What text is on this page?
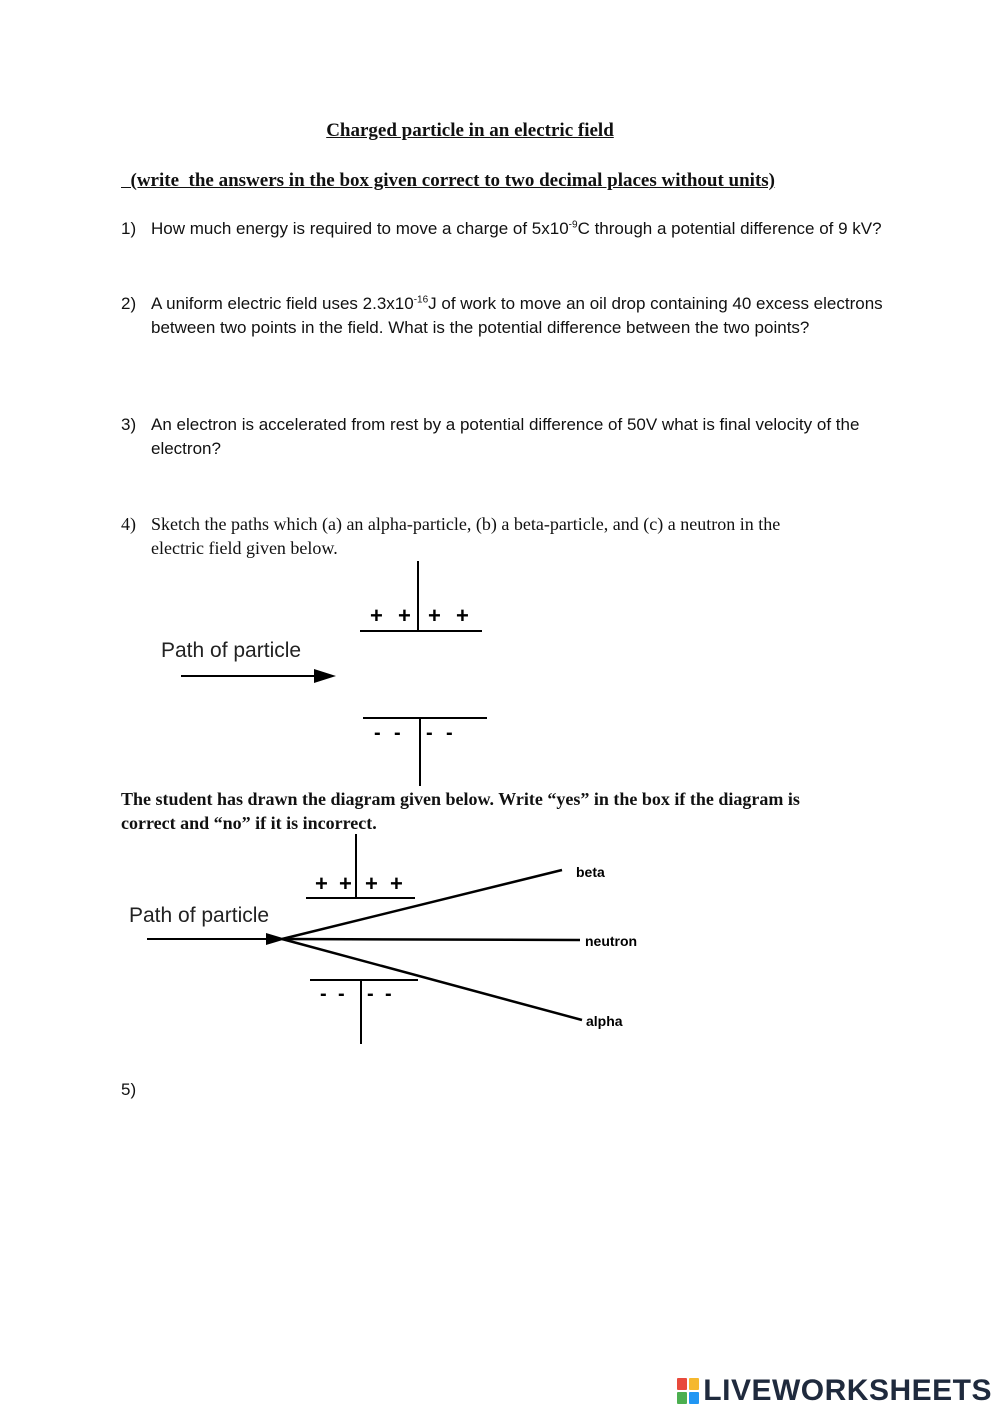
Charged particle in an electric field
(write  the answers in the box given correct to two decimal places without units)
1) How much energy is required to move a charge of $5x10^{-9}C$ through a potential difference of 9 kV?
2) A uniform electric field uses $2.3x10^{-16}J$ of work to move an oil drop containing 40 excess electrons between two points in the field. What is the potential difference between the two points?
3) An electron is accelerated from rest by a potential difference of 50V what is final velocity of the electron?
4) Sketch the paths which (a) an alpha-particle, (b) a beta-particle, and (c) a neutron in the electric field given below.
+ + + +
Path of particle
- - - -
The student has drawn the diagram given below. Write “yes” in the box if the diagram is correct and “no” if it is incorrect.
+ + + +
Path of particle
beta
neutron
alpha
- - - -
5)
LIVEWORKSHEETS
